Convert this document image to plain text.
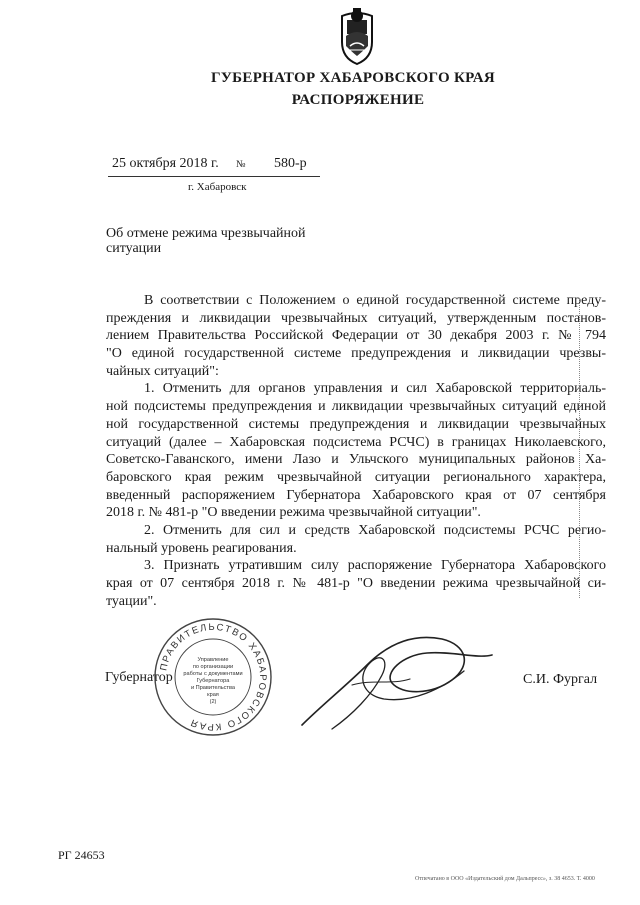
ГУБЕРНАТОР ХАБАРОВСКОГО КРАЯ
РАСПОРЯЖЕНИЕ
25 октября 2018 г. № 580-р
г. Хабаровск
Об отмене режима чрезвычайной
ситуации
В соответствии с Положением о единой государственной системе преду-
преждения и ликвидации чрезвычайных ситуаций, утвержденным постанов-
лением Правительства Российской Федерации от 30 декабря 2003 г. № 794
"О единой государственной системе предупреждения и ликвидации чрезвы-
чайных ситуаций":
1. Отменить для органов управления и сил Хабаровской территориаль-
ной подсистемы предупреждения и ликвидации чрезвычайных ситуаций единой
ной государственной системы предупреждения и ликвидации чрезвычайных
ситуаций (далее – Хабаровская подсистема РСЧС) в границах Николаевского,
Советско-Гаванского, имени Лазо и Ульчского муниципальных районов Ха-
баровского края режим чрезвычайной ситуации регионального характера,
введенный распоряжением Губернатора Хабаровского края от 07 сентября
2018 г. № 481-р "О введении режима чрезвычайной ситуации".
2. Отменить для сил и средств Хабаровской подсистемы РСЧС регио-
нальный уровень реагирования.
3. Признать утратившим силу распоряжение Губернатора Хабаровского
края от 07 сентября 2018 г. № 481-р "О введении режима чрезвычайной си-
туации".
Губернатор	С.И. Фургал
ПРАВИТЕЛЬСТВО ХАБАРОВСКОГО КРАЯ
Управление
по организации
работы с документами
Губернатора
и Правительства
края
(2)
РГ 24653
Отпечатано в ООО «Издательский дом Дальпресс», з. 38 4653. Т. 4000
